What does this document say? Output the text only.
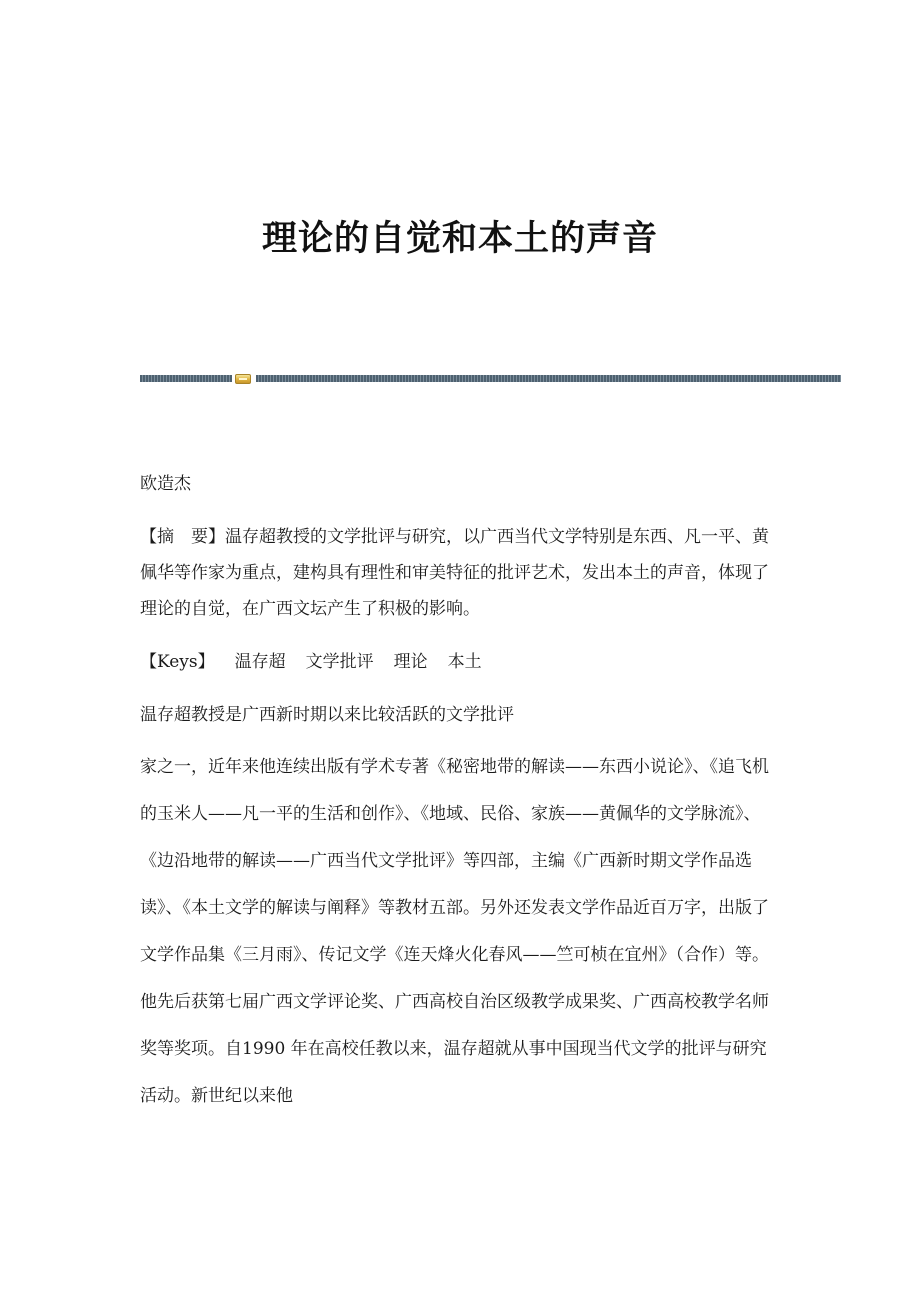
理论的自觉和本土的声音

欧造杰

【摘　要】温存超教授的文学批评与研究，以广西当代文学特别是东西、凡一平、黄佩华等作家为重点，建构具有理性和审美特征的批评艺术，发出本土的声音，体现了理论的自觉，在广西文坛产生了积极的影响。

【Keys】 温存超 文学批评 理论 本土

温存超教授是广西新时期以来比较活跃的文学批评

家之一，近年来他连续出版有学术专著《秘密地带的解读——东西小说论》、《追飞机的玉米人——凡一平的生活和创作》、《地域、民俗、家族——黄佩华的文学脉流》、《边沿地带的解读——广西当代文学批评》等四部，主编《广西新时期文学作品选读》、《本土文学的解读与阐释》等教材五部。另外还发表文学作品近百万字，出版了文学作品集《三月雨》、传记文学《连天烽火化春风——竺可桢在宜州》（合作）等。他先后获第七届广西文学评论奖、广西高校自治区级教学成果奖、广西高校教学名师奖等奖项。自1990 年在高校任教以来，温存超就从事中国现当代文学的批评与研究活动。新世纪以来他
